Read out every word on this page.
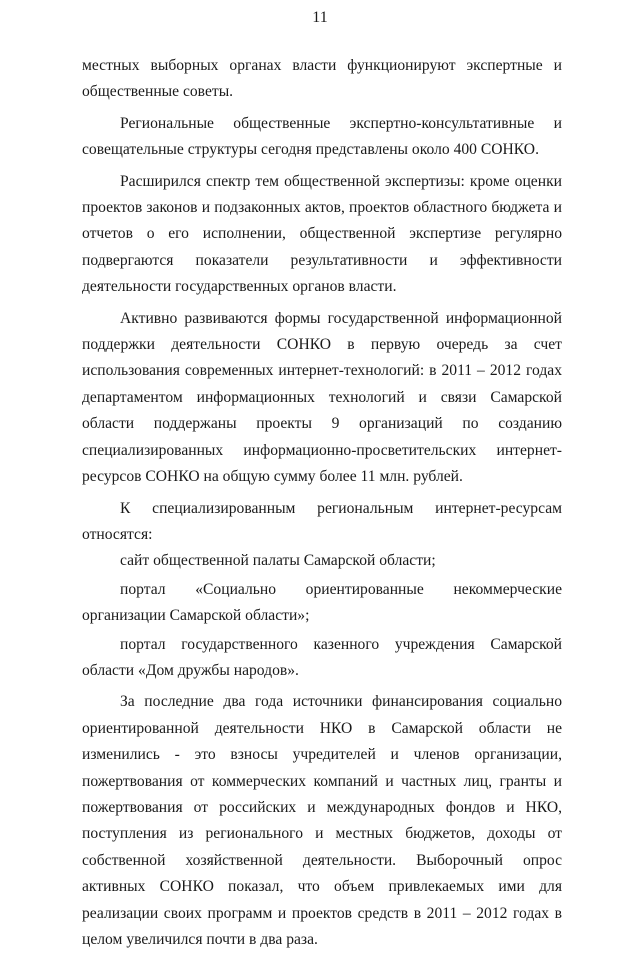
11

местных выборных органах власти функционируют экспертные и общественные советы.

Региональные общественные экспертно-консультативные и совещательные структуры сегодня представлены около 400 СОНКО.

Расширился спектр тем общественной экспертизы: кроме оценки проектов законов и подзаконных актов, проектов областного бюджета и отчетов о его исполнении, общественной экспертизе регулярно подвергаются показатели результативности и эффективности деятельности государственных органов власти.

Активно развиваются формы государственной информационной поддержки деятельности СОНКО в первую очередь за счет использования современных интернет-технологий: в 2011 – 2012 годах департаментом информационных технологий и связи Самарской области поддержаны проекты 9 организаций по созданию специализированных информационно-просветительских интернет-ресурсов СОНКО на общую сумму более 11 млн. рублей.

К специализированным региональным интернет-ресурсам относятся:

сайт общественной палаты Самарской области;

портал «Социально ориентированные некоммерческие организации Самарской области»;

портал государственного казенного учреждения Самарской области «Дом дружбы народов».

За последние два года источники финансирования социально ориентированной деятельности НКО в Самарской области не изменились - это взносы учредителей и членов организации, пожертвования от коммерческих компаний и частных лиц, гранты и пожертвования от российских и международных фондов и НКО, поступления из регионального и местных бюджетов, доходы от собственной хозяйственной деятельности. Выборочный опрос активных СОНКО показал, что объем привлекаемых ими для реализации своих программ и проектов средств в 2011 – 2012 годах в целом увеличился почти в два раза.
